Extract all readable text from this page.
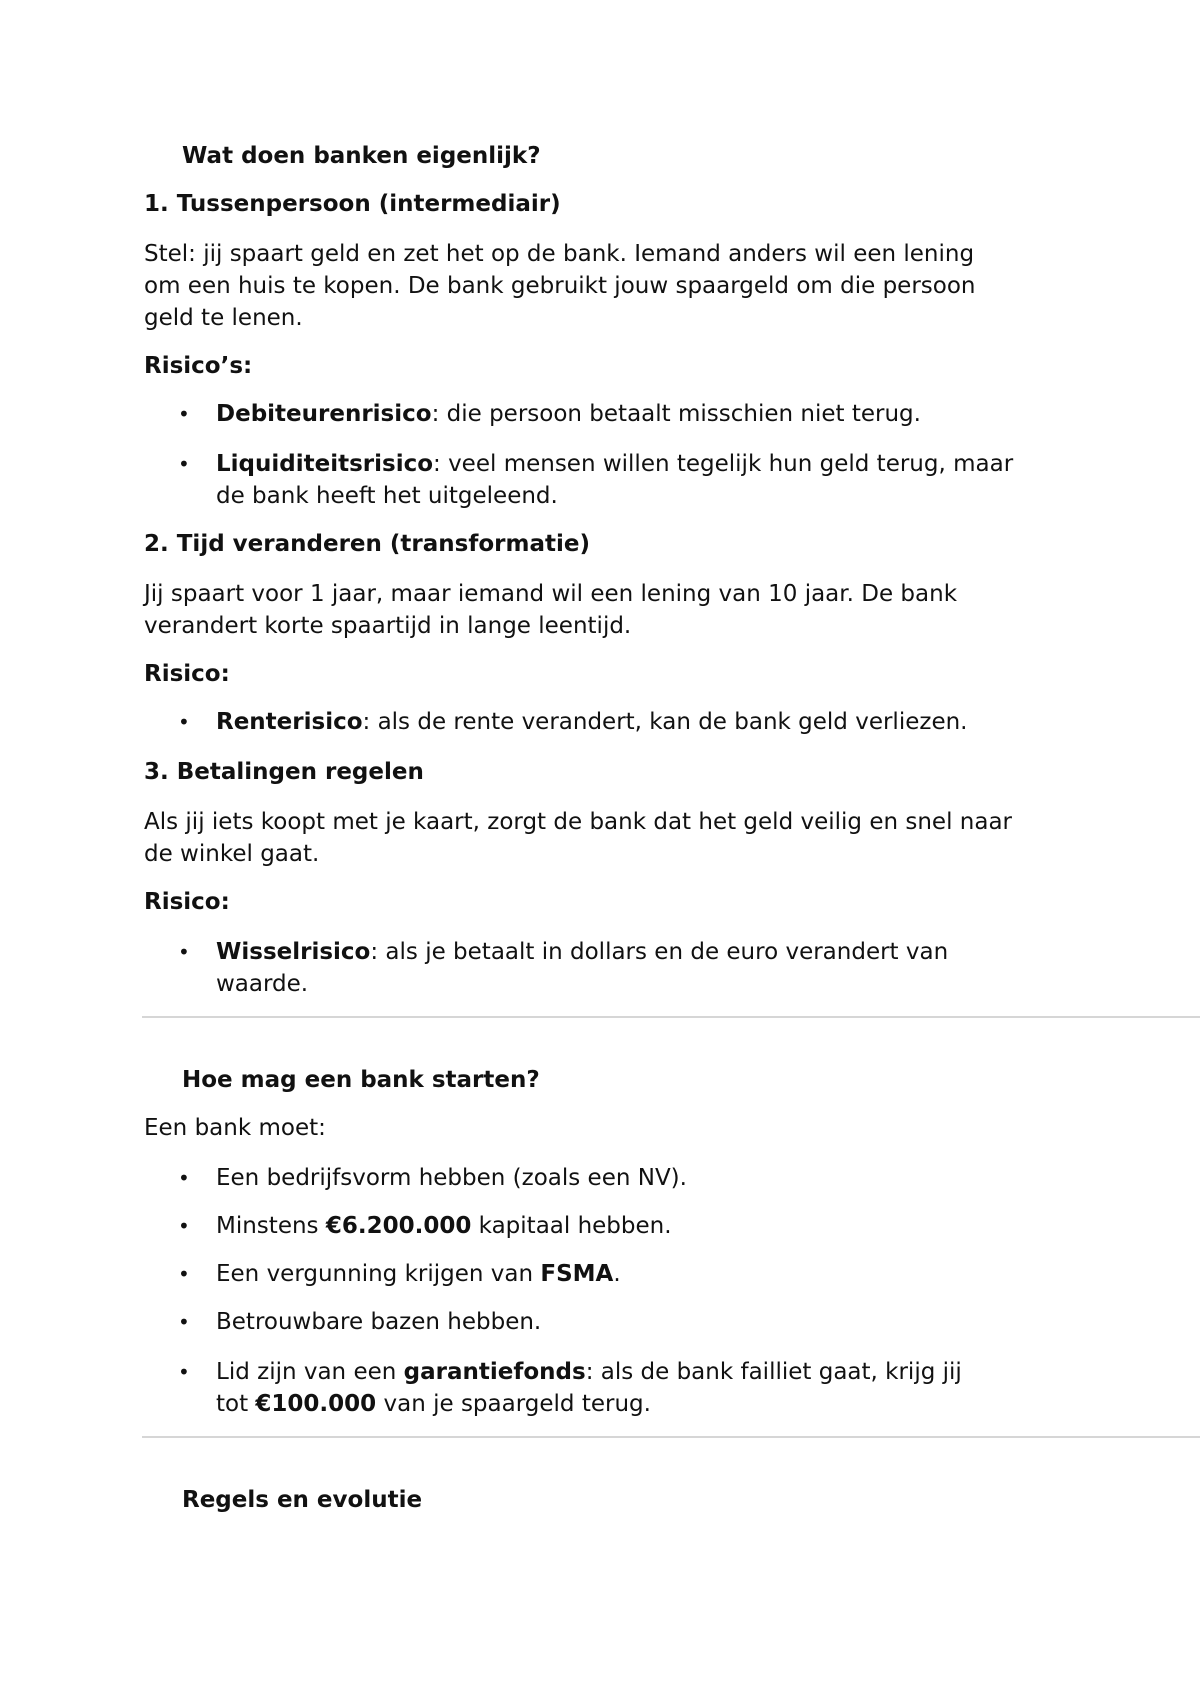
Wat doen banken eigenlijk?
1. Tussenpersoon (intermediair)
Stel: jij spaart geld en zet het op de bank. Iemand anders wil een lening
om een huis te kopen. De bank gebruikt jouw spaargeld om die persoon
geld te lenen.
Risico’s:
• Debiteurenrisico: die persoon betaalt misschien niet terug.
• Liquiditeitsrisico: veel mensen willen tegelijk hun geld terug, maar
de bank heeft het uitgeleend.
2. Tijd veranderen (transformatie)
Jij spaart voor 1 jaar, maar iemand wil een lening van 10 jaar. De bank
verandert korte spaartijd in lange leentijd.
Risico:
• Renterisico: als de rente verandert, kan de bank geld verliezen.
3. Betalingen regelen
Als jij iets koopt met je kaart, zorgt de bank dat het geld veilig en snel naar
de winkel gaat.
Risico:
• Wisselrisico: als je betaalt in dollars en de euro verandert van
waarde.
Hoe mag een bank starten?
Een bank moet:
• Een bedrijfsvorm hebben (zoals een NV).
• Minstens €6.200.000 kapitaal hebben.
• Een vergunning krijgen van FSMA.
• Betrouwbare bazen hebben.
• Lid zijn van een garantiefonds: als de bank failliet gaat, krijg jij
tot €100.000 van je spaargeld terug.
Regels en evolutie
